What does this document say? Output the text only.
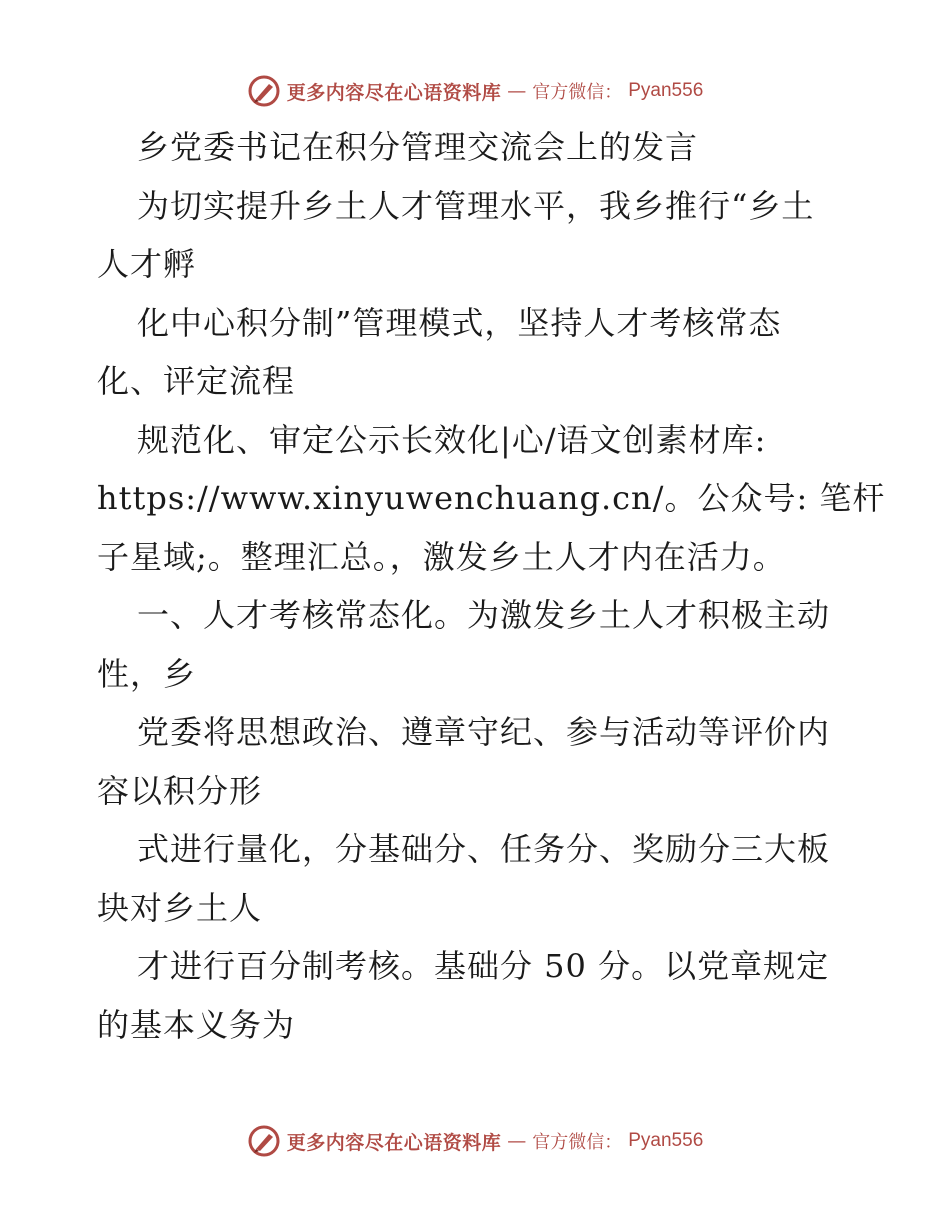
更多内容尽在心语资料库 — 官方微信： Pyan556
乡党委书记在积分管理交流会上的发言
为切实提升乡土人才管理水平，我乡推行“乡土
人才孵
化中心积分制”管理模式，坚持人才考核常态
化、评定流程
规范化、审定公示长效化|心/语文创素材库:
https://www.xinyuwenchuang.cn/。公众号: 笔杆
子星域;。整理汇总。，激发乡土人才内在活力。
一、人才考核常态化。为激发乡土人才积极主动
性，乡
党委将思想政治、遵章守纪、参与活动等评价内
容以积分形
式进行量化，分基础分、任务分、奖励分三大板
块对乡土人
才进行百分制考核。基础分 50 分。以党章规定
的基本义务为
更多内容尽在心语资料库 — 官方微信： Pyan556
